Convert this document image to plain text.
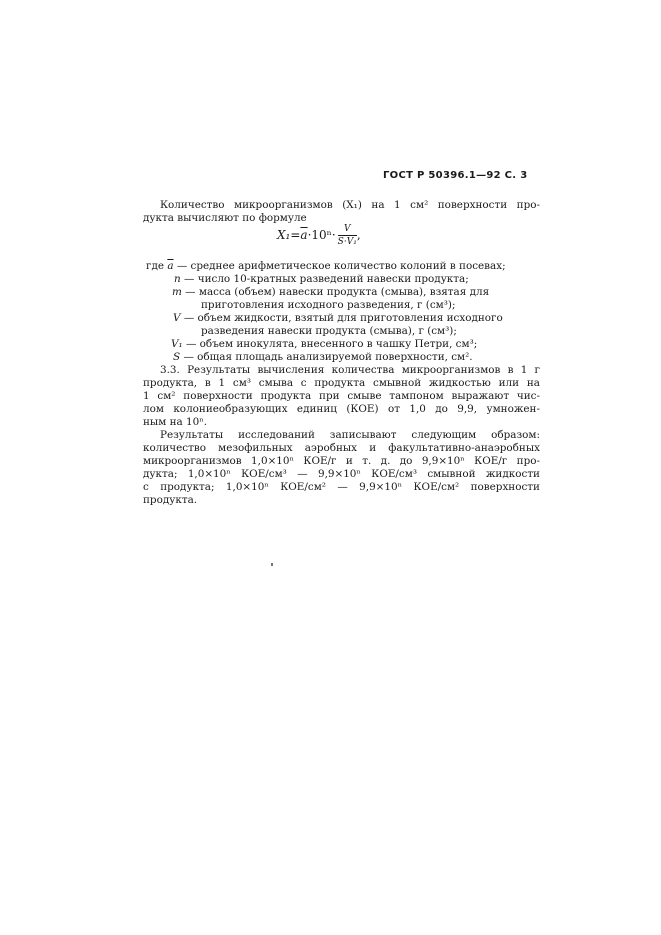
ГОСТ Р 50396.1—92 С. 3
Количество микроорганизмов (X₁) на 1 см² поверхности про-
дукта вычисляют по формуле
$X_1=\overline{a}\cdot 10^n\cdot \frac{V}{\text{S·V₁}}$ ,
где $\overline{a}$ — среднее арифметическое количество колоний в посевах;
n — число 10-кратных разведений навески продукта;
m — масса (объем) навески продукта (смыва), взятая для
приготовления исходного разведения, г (см³);
V — объем жидкости, взятый для приготовления исходного
разведения навески продукта (смыва), г (см³);
V₁ — объем инокулята, внесенного в чашку Петри, см³;
S — общая площадь анализируемой поверхности, см².
3.3. Результаты вычисления количества микроорганизмов в 1 г
продукта, в 1 см³ смыва с продукта смывной жидкостью или на
1 см² поверхности продукта при смыве тампоном выражают чис-
лом колониеобразующих единиц (КОЕ) от 1,0 до 9,9, умножен-
ным на 10ⁿ.
Результаты исследований записывают следующим образом:
количество мезофильных аэробных и факультативно-анаэробных
микроорганизмов 1,0×10ⁿ КОЕ/г и т. д. до 9,9×10ⁿ КОЕ/г про-
дукта; 1,0×10ⁿ КОЕ/см³ — 9,9×10ⁿ КОЕ/см³ смывной жидкости
с продукта; 1,0×10ⁿ КОЕ/см² — 9,9×10ⁿ КОЕ/см² поверхности
продукта.
